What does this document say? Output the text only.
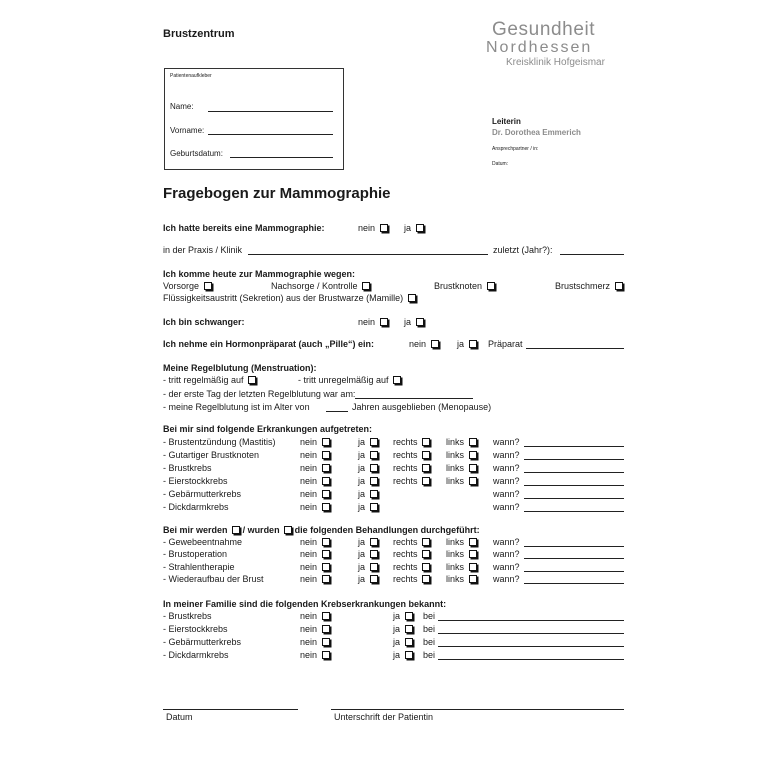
Brustzentrum	Gesundheit
Nordhessen
Kreisklinik Hofgeismar
Leiterin
Dr. Dorothea Emmerich
Ansprechpartner / in:
Datum:
Patientenaufkleber
Name:
Vorname:
Geburtsdatum:
Fragebogen zur Mammographie
Ich hatte bereits eine Mammographie:	nein	ja
in der Praxis / Klinik	zuletzt (Jahr?):
Ich komme heute zur Mammographie wegen:
Vorsorge	Nachsorge / Kontrolle	Brustknoten	Brustschmerz
Flüssigkeitsaustritt (Sekretion) aus der Brustwarze (Mamille)
Ich bin schwanger:	nein	ja
Ich nehme ein Hormonpräparat (auch „Pille“) ein:	nein	ja	Präparat
Meine Regelblutung (Menstruation):
- tritt regelmäßig auf	- tritt unregelmäßig auf
- der erste Tag der letzten Regelblutung war am:
- meine Regelblutung ist im Alter von	Jahren ausgeblieben (Menopause)
Bei mir sind folgende Erkrankungen aufgetreten:
- Brustentzündung (Mastitis)	nein	ja	rechts	links	wann?
- Gutartiger Brustknoten	nein	ja	rechts	links	wann?
- Brustkrebs	nein	ja	rechts	links	wann?
- Eierstockkrebs	nein	ja	rechts	links	wann?
- Gebärmutterkrebs	nein	ja	wann?
- Dickdarmkrebs	nein	ja	wann?
Bei mir werden / wurden die folgenden Behandlungen durchgeführt:
- Gewebeentnahme	nein	ja	rechts	links	wann?
- Brustoperation	nein	ja	rechts	links	wann?
- Strahlentherapie	nein	ja	rechts	links	wann?
- Wiederaufbau der Brust	nein	ja	rechts	links	wann?
In meiner Familie sind die folgenden Krebserkrankungen bekannt:
- Brustkrebs	nein	ja	bei
- Eierstockkrebs	nein	ja	bei
- Gebärmutterkrebs	nein	ja	bei
- Dickdarmkrebs	nein	ja	bei
Datum	Unterschrift der Patientin
